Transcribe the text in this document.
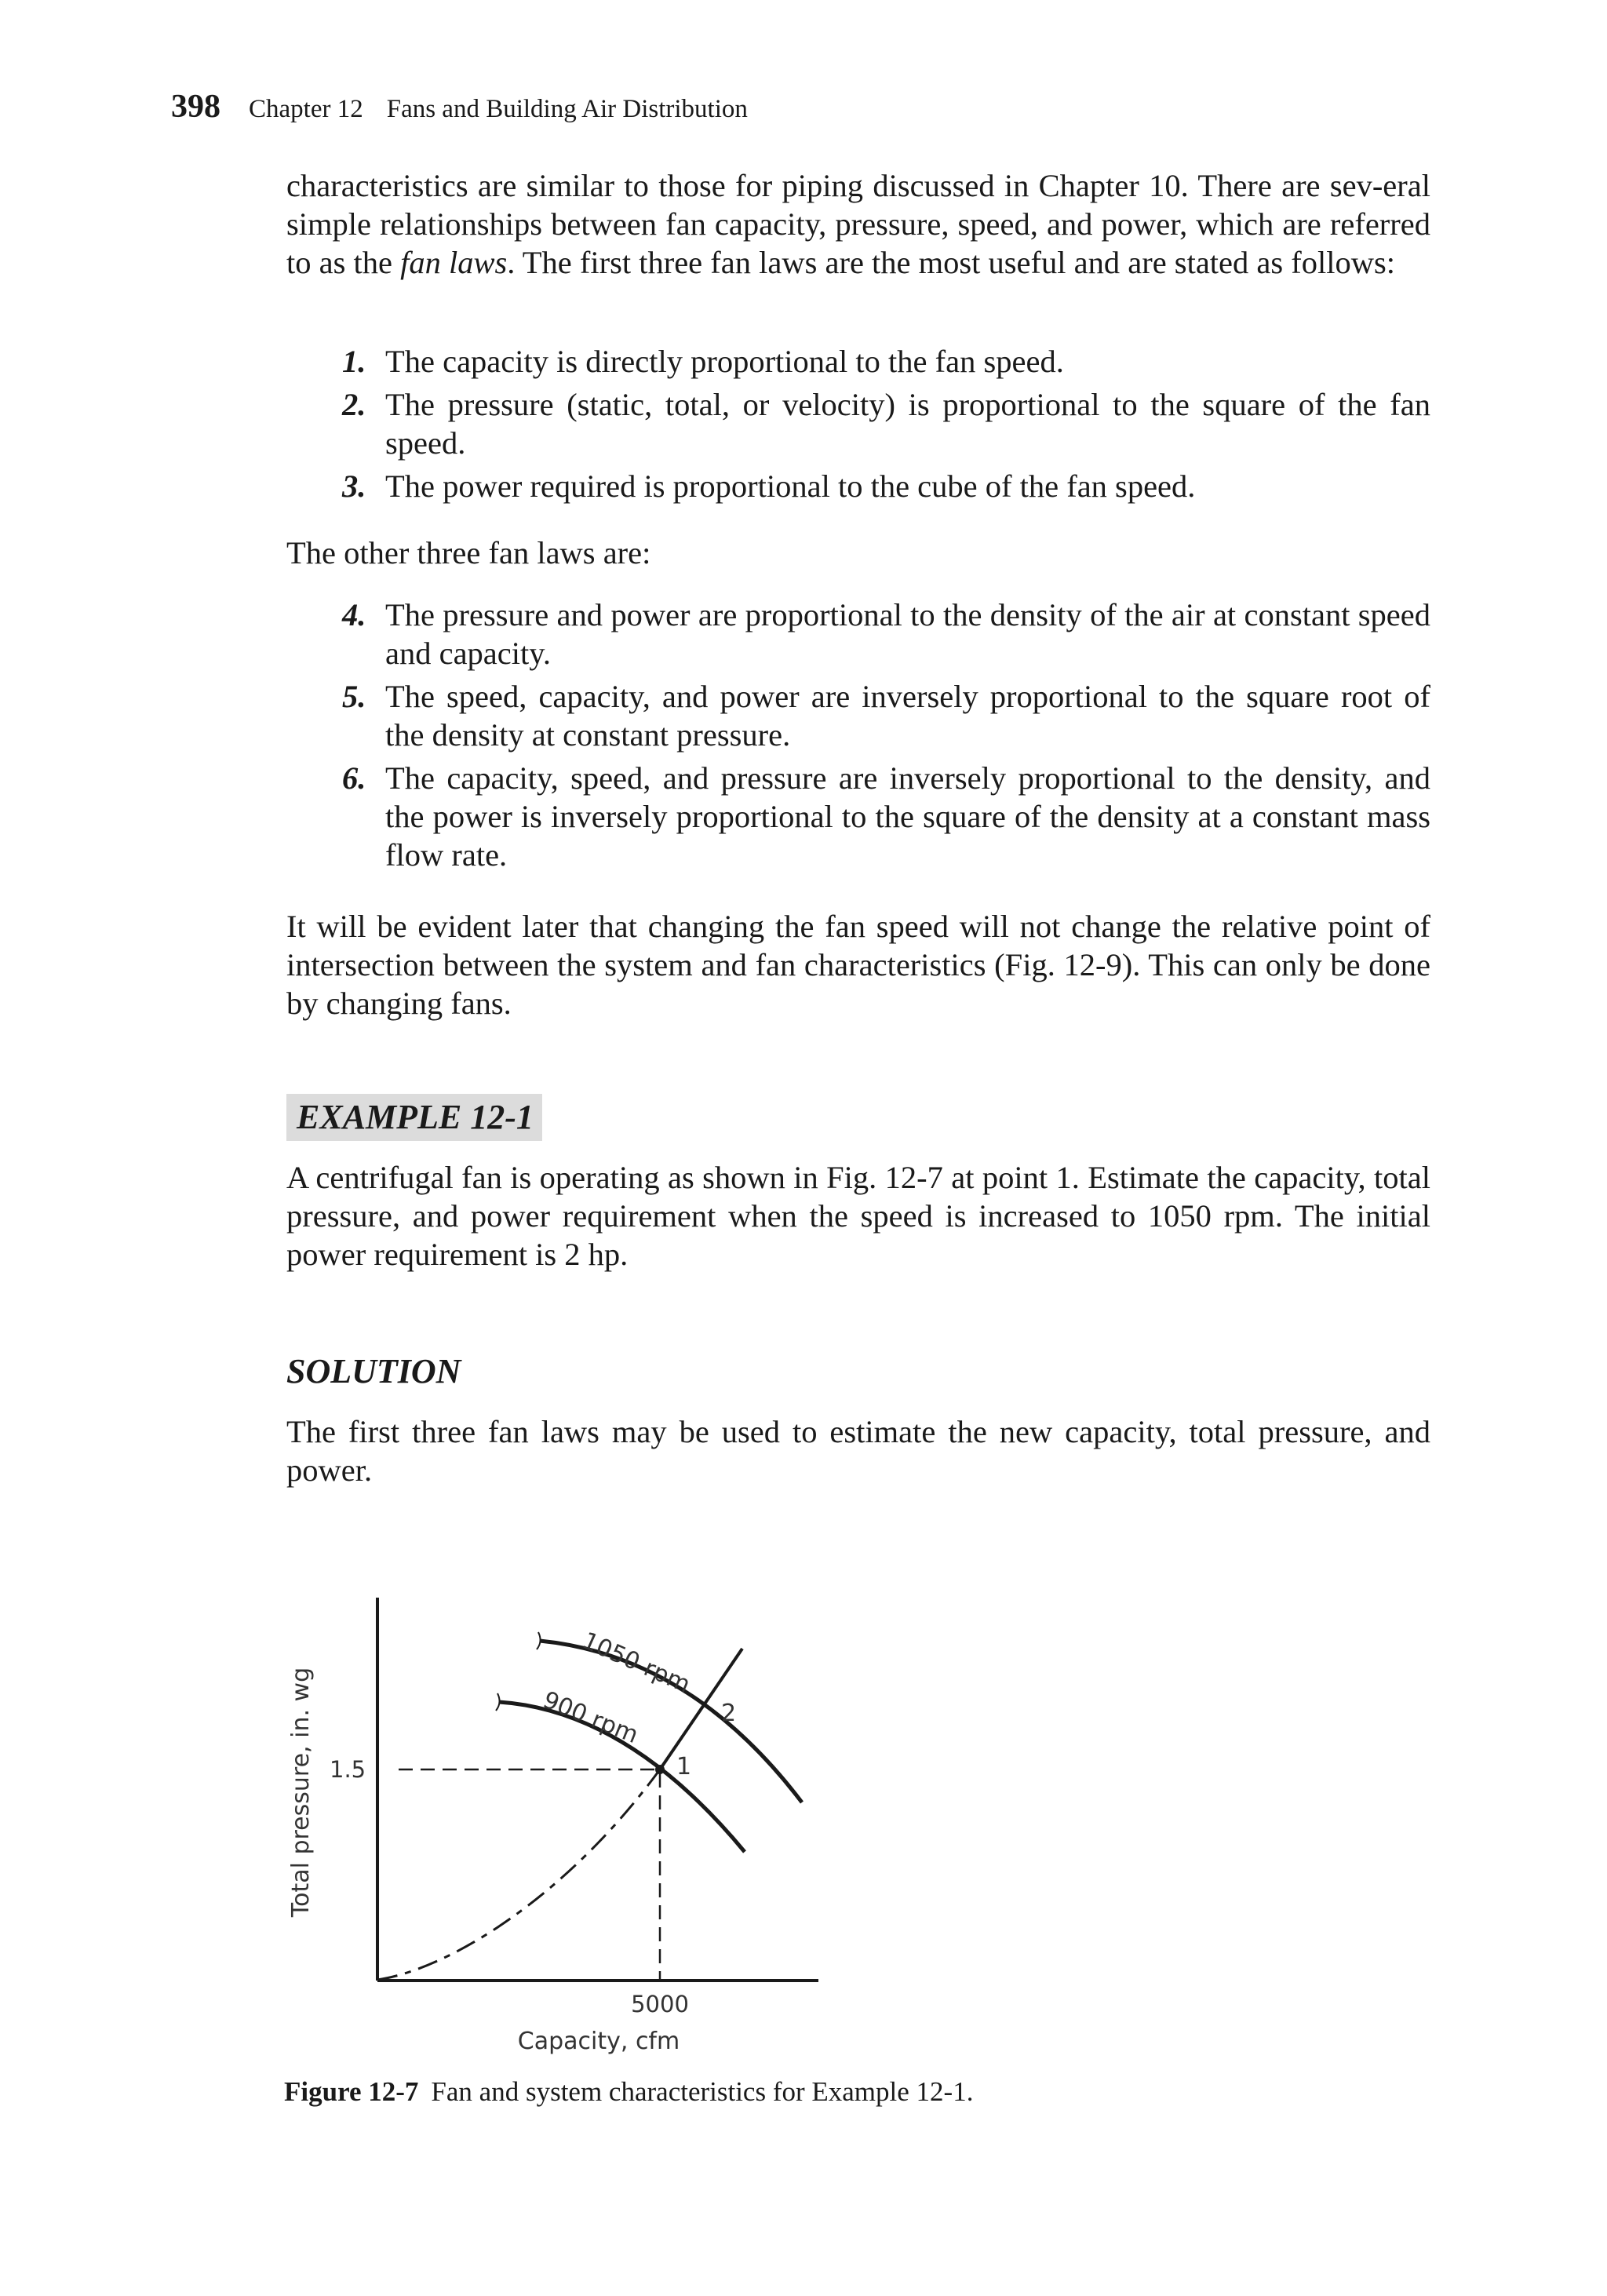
398 Chapter 12 Fans and Building Air Distribution

characteristics are similar to those for piping discussed in Chapter 10. There are sev-eral simple relationships between fan capacity, pressure, speed, and power, which are referred to as the fan laws. The first three fan laws are the most useful and are stated as follows:

1. The capacity is directly proportional to the fan speed.
2. The pressure (static, total, or velocity) is proportional to the square of the fan speed.
3. The power required is proportional to the cube of the fan speed.

The other three fan laws are:

4. The pressure and power are proportional to the density of the air at constant speed and capacity.
5. The speed, capacity, and power are inversely proportional to the square root of the density at constant pressure.
6. The capacity, speed, and pressure are inversely proportional to the density, and the power is inversely proportional to the square of the density at a constant mass flow rate.

It will be evident later that changing the fan speed will not change the relative point of intersection between the system and fan characteristics (Fig. 12-9). This can only be done by changing fans.

EXAMPLE 12-1

A centrifugal fan is operating as shown in Fig. 12-7 at point 1. Estimate the capacity, total pressure, and power requirement when the speed is increased to 1050 rpm. The initial power requirement is 2 hp.

SOLUTION

The first three fan laws may be used to estimate the new capacity, total pressure, and power.

1050 rpm
900 rpm
1
2
1.5
5000
Capacity, cfm
Total pressure, in. wg
Figure 12-7 Fan and system characteristics for Example 12-1.
